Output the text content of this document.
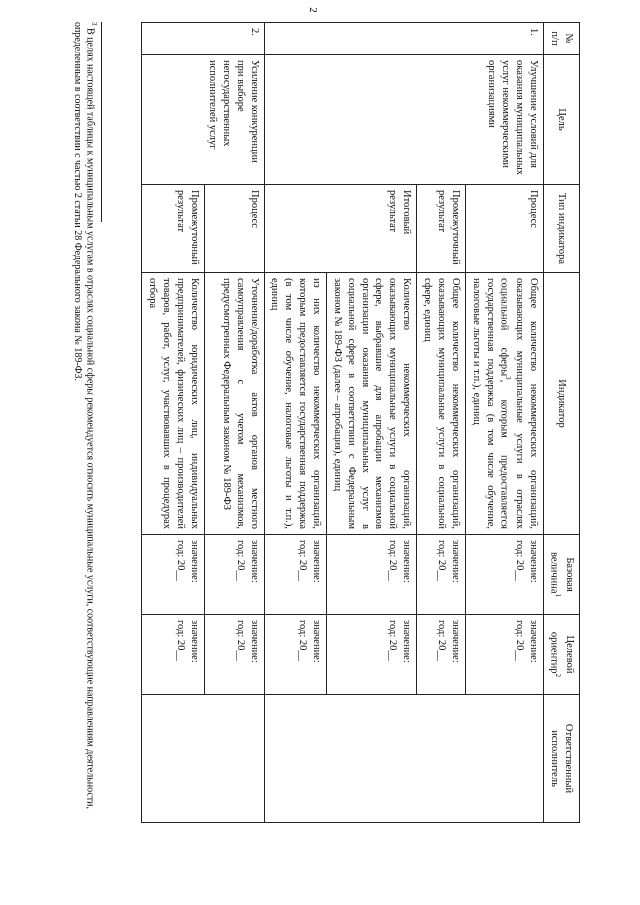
2
№ п/п	Цель	Тип индикатора	Индикатор	Базовая величина$^1$	Целевой ориентир$^2$	Ответственный исполнитель
1.	Улучшение условий для оказания муниципальных услуг некоммерческими организациями	Процесс	Общее количество некоммерческих организаций, оказывающих муниципальные услуги в отраслях социальной сферы$^3$, которым предоставляется государственная поддержка (в том числе обучение, налоговые льготы и т.п.), единиц	значение:
год: 20__	значение:
год: 20__	

		Промежуточный результат	Общее количество некоммерческих организаций, оказывающих муниципальные услуги в социальной сфере, единиц	значение:
год: 20__	значение:
год: 20__	

		Итоговый результат	Количество некоммерческих организаций, оказывающих муниципальные услуги в социальной сфере, выбравшие для апробации механизмов организации оказания муниципальных услуг в социальной сфере в соответствии с Федеральным законом № 189-ФЗ (далее – апробация), единиц	значение:
год: 20__	значение:
год: 20__	

			из них количество некоммерческих организаций, которым предоставляется государственная поддержка (в том числе обучение, налоговые льготы и т.п.), единиц	значение:
год: 20__	значение:
год: 20__	

2.	Усиление конкуренции при выборе негосударственных исполнителей услуг	Процесс	Уточнение/доработка актов органов местного самоуправления с учетом механизмов, предусмотренных Федеральным законом № 189-ФЗ	значение:
год: 20__	значение:
год: 20__	

		Промежуточный результат	Количество юридических лиц, индивидуальных предпринимателей, физических лиц – производителей товаров, работ, услуг, участвовавших в процедурах отбора	значение:
год: 20__	значение:
год: 20__	
$^3$ В целях настоящей таблицы к муниципальным услугам в отраслях социальной сферы рекомендуется относить муниципальные услуги, соответствующие направлениям деятельности, определенным в соответствии с частью 2 статьи 28 Федерального закона № 189-ФЗ.
